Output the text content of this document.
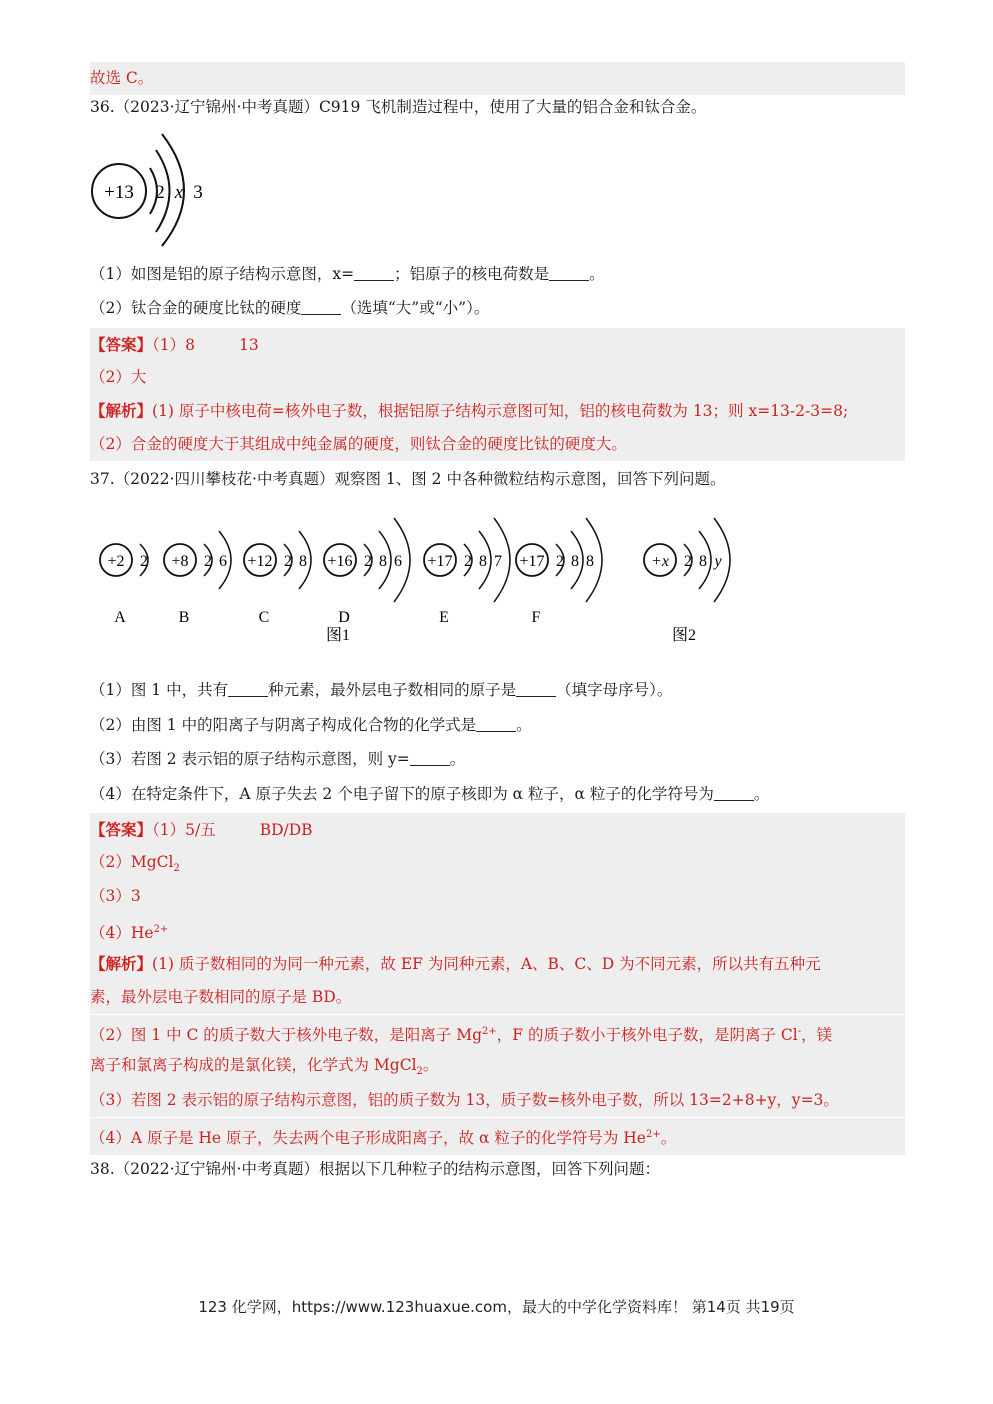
故选 C。
36.（2023·辽宁锦州·中考真题）C919 飞机制造过程中，使用了大量的铝合金和钛合金。
+13 2 x 3
（1）如图是铝的原子结构示意图，x=	；铝原子的核电荷数是	。
（2）钛合金的硬度比钛的硬度	（选填“大”或“小”）。
【答案】（1）8	13
（2）大
【解析】(1) 原子中核电荷=核外电子数，根据铝原子结构示意图可知，铝的核电荷数为 13；则 x=13-2-3=8;
（2）合金的硬度大于其组成中纯金属的硬度，则钛合金的硬度比钛的硬度大。
37.（2022·四川攀枝花·中考真题）观察图 1、图 2 中各种微粒结构示意图，回答下列问题。
+2 2
A
+8 2 6
B
+12 2 8
C
+16 2 8 6
D
+17 2 8 7
E
+17 2 8 8
F
+x 2 8 y
图1	图2
（1）图 1 中，共有	种元素，最外层电子数相同的原子是	（填字母序号）。
（2）由图 1 中的阳离子与阴离子构成化合物的化学式是	。
（3）若图 2 表示铝的原子结构示意图，则 y=	。
（4）在特定条件下，A 原子失去 2 个电子留下的原子核即为 α 粒子，α 粒子的化学符号为	。
【答案】（1）5/五	BD/DB
（2）MgCl$_2$
（3）3
$(4)He^{2+}$
【解析】(1) 质子数相同的为同一种元素，故 EF 为同种元素，A、B、C、D 为不同元素，所以共有五种元
素，最外层电子数相同的原子是 BD。
（2）图 1 中 C 的质子数大于核外电子数，是阳离子 $Mg^{2+}$，F 的质子数小于核外电子数，是阴离子 Cl-，镁
离子和氯离子构成的是氯化镁，化学式为 MgCl$_2$。
（3）若图 2 表示铝的原子结构示意图，铝的质子数为 13，质子数=核外电子数，所以 13=2+8+y，y=3。
（4）A 原子是 He 原子，失去两个电子形成阳离子，故 α 粒子的化学符号为 $He^{2+}$。
38.（2022·辽宁锦州·中考真题）根据以下几种粒子的结构示意图，回答下列问题：
123 化学网，https://www.123huaxue.com，最大的中学化学资料库！ 第14页 共19页
